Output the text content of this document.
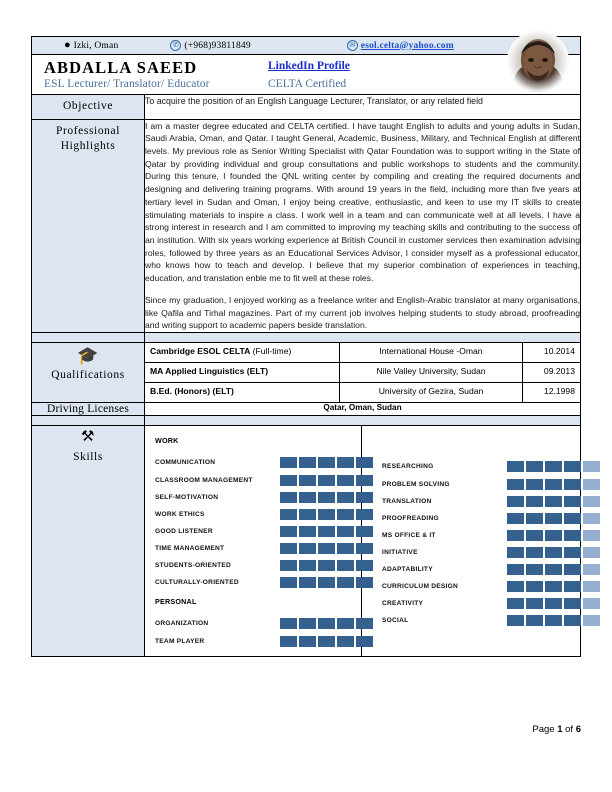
● Izki, Oman	✆ (+968)93811849	✉ esol.celta@yahoo.com
ABDALLA SAEED
ESL Lecturer/ Translator/ Educator
LinkedIn Profile
CELTA Certified
Objective	To acquire the position of an English Language Lecturer, Translator, or any related field

Professional
Highlights

I am a master degree educated and CELTA certified. I have taught English to adults and young adults in Sudan, Saudi Arabia, Oman, and Qatar. I taught General, Academic, Business, Military, and Technical English at different levels. My previous role as Senior Writing Specialist with Qatar Foundation was to support writing in the State of Qatar by providing individual and group consultations and public workshops to students and the community. During this tenure, I founded the QNL writing center by compiling and creating the required documents and designing and delivering training programs. With around 19 years in the field, including more than five years at tertiary level in Sudan and Oman, I enjoy being creative, enthusiastic, and keen to use my IT skills to create stimulating materials to inspire a class. I work well in a team and can communicate well at all levels. I have a strong interest in research and I am committed to improving my teaching skills and contributing to the success of an institution. With six years working experience at British Council in customer services then examination advising roles, followed by three years as an Educational Services Advisor, I consider myself as a professional educator, who knows how to teach and develop. I believe that my superior combination of experiences in teaching, education, and translation enble me to fit well at these roles.

Since my graduation, I enjoyed working as a freelance writer and English-Arabic translator at many organisations, like Qafila and Tirhal magazines. Part of my current job involves helping students to study abroad, proofreading and writing support to academic papers beside translation.

🎓
Qualifications

Cambridge ESOL CELTA (Full-time)	International House -Oman	10.2014
MA Applied Linguistics (ELT)	Nile Valley University, Sudan	09.2013
B.Ed. (Honors) (ELT)	University of Gezira, Sudan	12.1998

Driving Licenses	Qatar, Oman, Sudan

⚒
Skills

WORK
COMMUNICATION
CLASSROOM MANAGEMENT
SELF-MOTIVATION
WORK ETHICS
GOOD LISTENER
TIME MANAGEMENT
STUDENTS-ORIENTED
CULTURALLY-ORIENTED
PERSONAL
ORGANIZATION
TEAM PLAYER
RESEARCHING
PROBLEM SOLVING
TRANSLATION
PROOFREADING
MS OFFICE & IT
INITIATIVE
ADAPTABILITY
CURRICULUM DESIGN
CREATIVITY
SOCIAL
Page 1 of 6
